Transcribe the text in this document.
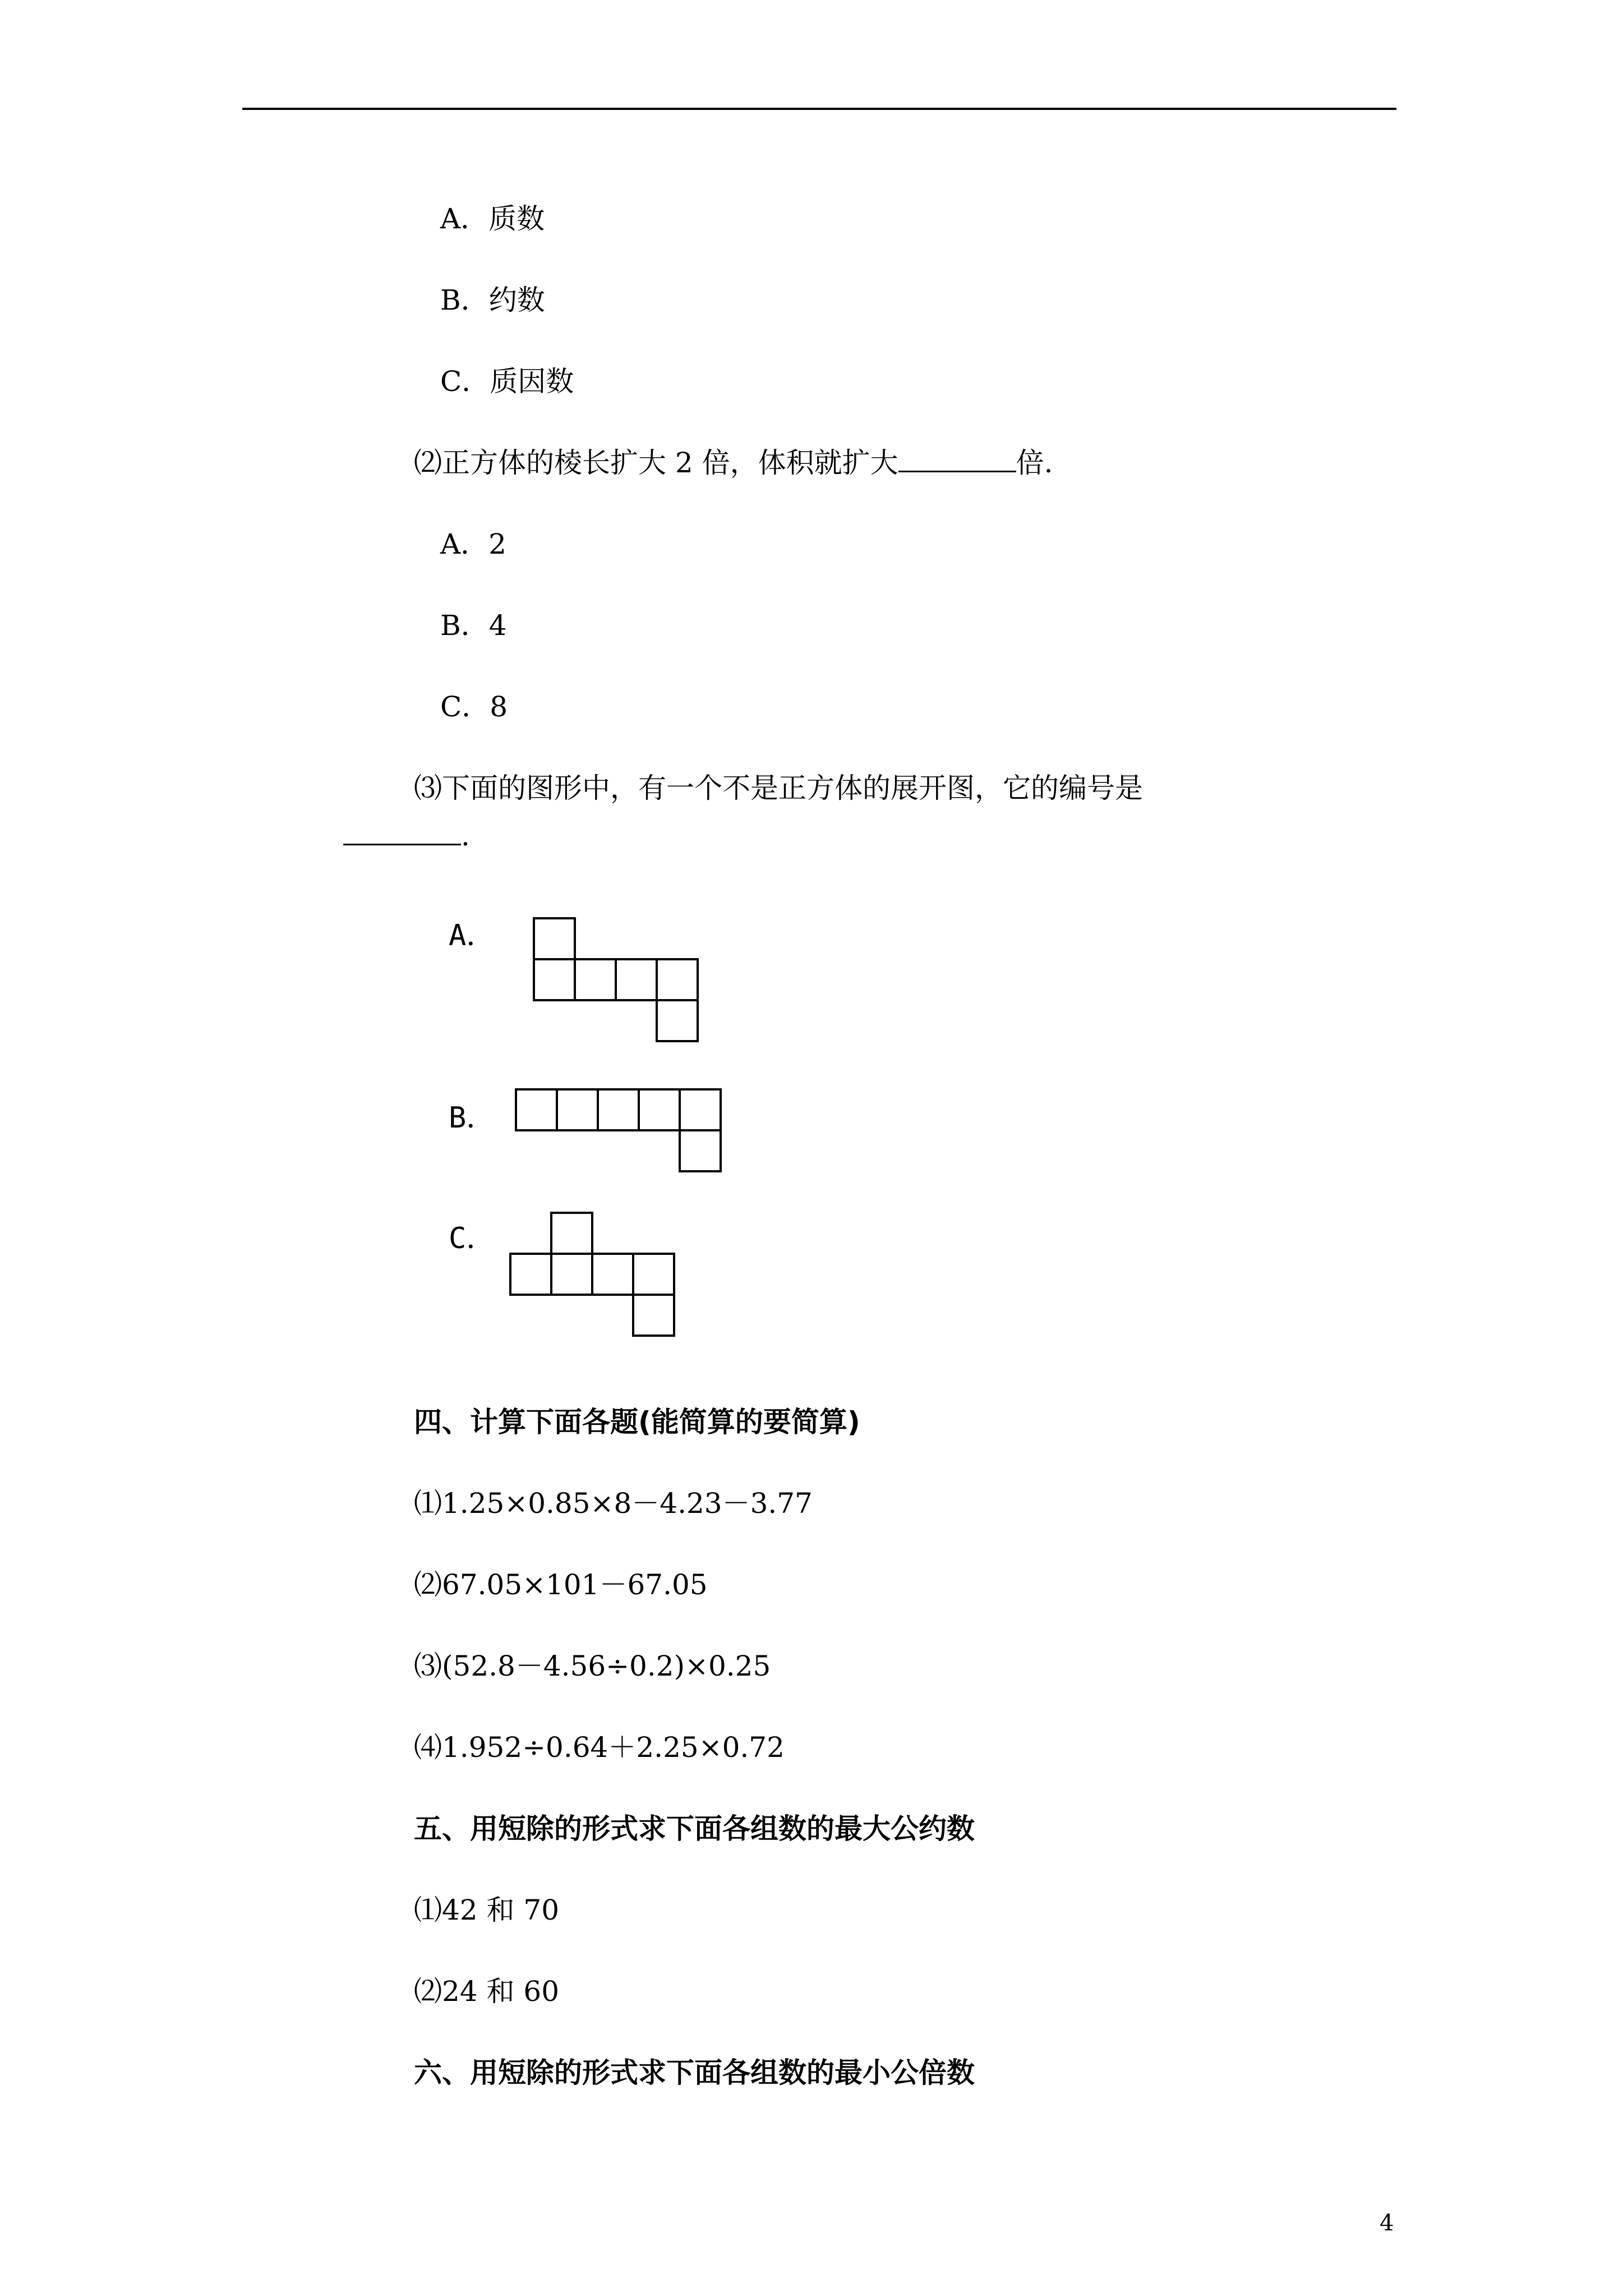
A．质数
B．约数
C．质因数
⑵正方体的棱长扩大 2 倍，体积就扩大	倍.
A．2
B．4
C．8
⑶下面的图形中，有一个不是正方体的展开图，它的编号是
.
A．
B．
C．
四、计算下面各题(能简算的要简算)
⑴1.25×0.85×8－4.23－3.77
⑵67.05×101－67.05
⑶(52.8－4.56÷0.2)×0.25
⑷1.952÷0.64＋2.25×0.72
五、用短除的形式求下面各组数的最大公约数
⑴42 和 70
⑵24 和 60
六、用短除的形式求下面各组数的最小公倍数
4
